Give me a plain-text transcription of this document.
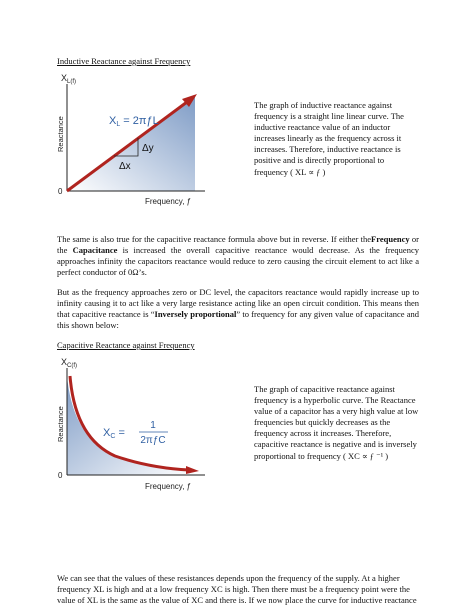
Inductive Reactance against Frequency
$X_{L(f)}$
Reactance
Frequency, ƒ
0
XL = 2πƒL
Δy
Δx
The graph of inductive reactance against
frequency is a straight line linear curve. The
inductive reactance value of an inductor
increases linearly as the frequency across it
increases. Therefore, inductive reactance is
positive and is directly proportional to
frequency ( XL ∝ ƒ )
The same is also true for the capacitive reactance formula above but in reverse. If either theFrequency or the Capacitance is increased the overall capacitive reactance would decrease. As the frequency approaches infinity the capacitors reactance would reduce to zero causing the circuit element to act like a perfect conductor of 0Ω’s.
But as the frequency approaches zero or DC level, the capacitors reactance would rapidly increase up to infinity causing it to act like a very large resistance acting like an open circuit condition. This means then that capacitive reactance is “Inversely proportional” to frequency for any given value of capacitance and this shown below:
Capacitive Reactance against Frequency
$X_{C(f)}$
Reactance
Frequency, ƒ
0
XC =
1
2πƒC
The graph of capacitive reactance against
frequency is a hyperbolic curve. The Reactance
value of a capacitor has a very high value at low
frequencies but quickly decreases as the
frequency across it increases. Therefore,
capacitive reactance is negative and is inversely
proportional to frequency ( XC ∝ ƒ ⁻¹ )
We can see that the values of these resistances depends upon the frequency of the supply. At a higher
frequency XL is high and at a low frequency XC is high. Then there must be a frequency point were the
value of XL is the same as the value of XC and there is. If we now place the curve for inductive reactance
